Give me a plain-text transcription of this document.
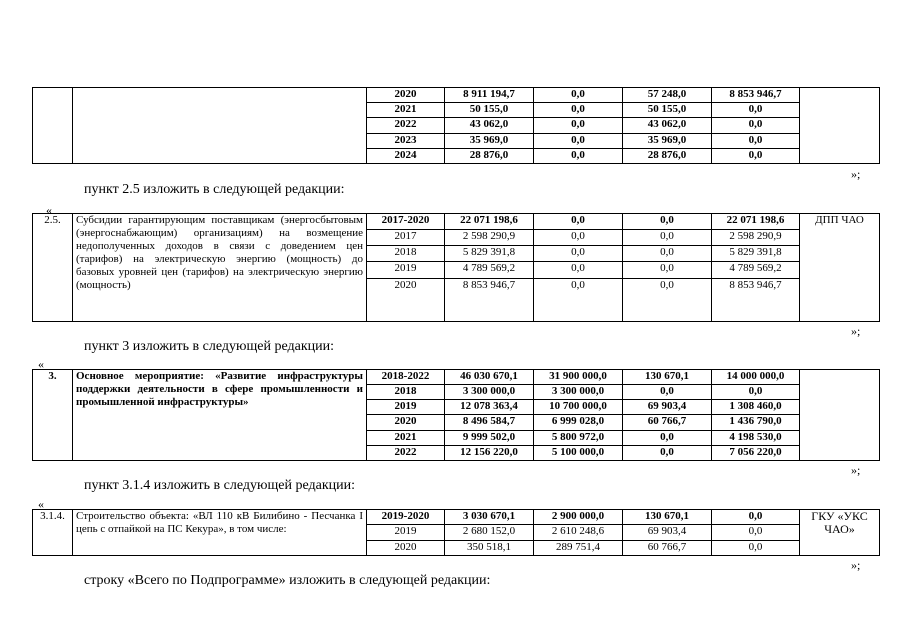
		2020	8 911 194,7	0,0	57 248,0	8 853 946,7	
		2021	50 155,0	0,0	50 155,0	0,0	
		2022	43 062,0	0,0	43 062,0	0,0	
		2023	35 969,0	0,0	35 969,0	0,0	
		2024	28 876,0	0,0	28 876,0	0,0	
»;
пункт 2.5 изложить в следующей редакции:
«
2.5.	Субсидии гарантирующим поставщикам (энергосбытовым (энергоснабжающим) организациям) на возмещение недополученных доходов в связи с доведением цен (тарифов) на электрическую энергию (мощность) до базовых уровней цен (тарифов) на электрическую энергию (мощность)	2017-2020	22 071 198,6	0,0	0,0	22 071 198,6	ДПП ЧАО
		2017	2 598 290,9	0,0	0,0	2 598 290,9	
		2018	5 829 391,8	0,0	0,0	5 829 391,8	
		2019	4 789 569,2	0,0	0,0	4 789 569,2	
		2020	8 853 946,7	0,0	0,0	8 853 946,7	
»;
пункт 3 изложить в следующей редакции:
«
3.	Основное мероприятие: «Развитие инфраструктуры поддержки деятельности в сфере промышленности и промышленной инфраструктуры»	2018-2022	46 030 670,1	31 900 000,0	130 670,1	14 000 000,0	
		2018	3 300 000,0	3 300 000,0	0,0	0,0	
		2019	12 078 363,4	10 700 000,0	69 903,4	1 308 460,0	
		2020	8 496 584,7	6 999 028,0	60 766,7	1 436 790,0	
		2021	9 999 502,0	5 800 972,0	0,0	4 198 530,0	
		2022	12 156 220,0	5 100 000,0	0,0	7 056 220,0	
»;
пункт 3.1.4 изложить в следующей редакции:
«
3.1.4.	Строительство объекта: «ВЛ 110 кВ Билибино - Песчанка I цепь с отпайкой на ПС Кекура», в том числе:	2019-2020	3 030 670,1	2 900 000,0	130 670,1	0,0	ГКУ «УКС ЧАО»
		2019	2 680 152,0	2 610 248,6	69 903,4	0,0	
		2020	350 518,1	289 751,4	60 766,7	0,0	
»;
строку «Всего по Подпрограмме» изложить в следующей редакции:
